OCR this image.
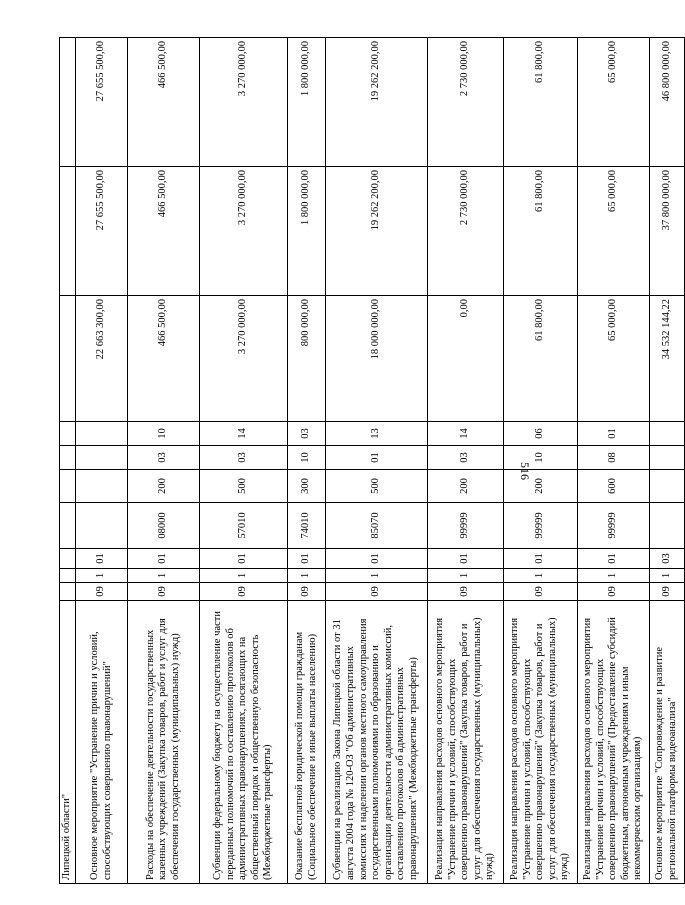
516
Липецкой области"										
Основное мероприятие "Устранение причин и условий, способствующих совершению правонарушений"	09	1	01					22 663 300,00	27 655 500,00	27 655 500,00
Расходы на обеспечение деятельности государственных казенных учреждений (Закупка товаров, работ и услуг для обеспечения государственных (муниципальных) нужд)	09	1	01	08000	200	03	10	466 500,00	466 500,00	466 500,00
Субвенции федеральному бюджету на осуществление части переданных полномочий по составлению протоколов об административных правонарушениях, посягающих на общественный порядок и общественную безопасность (Межбюджетные трансферты)	09	1	01	57010	500	03	14	3 270 000,00	3 270 000,00	3 270 000,00
Оказание бесплатной юридической помощи гражданам (Социальное обеспечение и иные выплаты населению)	09	1	01	74010	300	10	03	800 000,00	1 800 000,00	1 800 000,00
Субвенции на реализацию Закона Липецкой области от 31 августа 2004 года № 120-ОЗ "Об административных комиссиях и наделении органов местного самоуправления государственными полномочиями по образованию и организации деятельности административных комиссий, составлению протоколов об административных правонарушениях" (Межбюджетные трансферты)	09	1	01	85070	500	01	13	18 000 000,00	19 262 200,00	19 262 200,00
Реализация направления расходов основного мероприятия "Устранение причин и условий, способствующих совершению правонарушений" (Закупка товаров, работ и услуг для обеспечения государственных (муниципальных) нужд)	09	1	01	99999	200	03	14	0,00	2 730 000,00	2 730 000,00
Реализация направления расходов основного мероприятия "Устранение причин и условий, способствующих совершению правонарушений" (Закупка товаров, работ и услуг для обеспечения государственных (муниципальных) нужд)	09	1	01	99999	200	10	06	61 800,00	61 800,00	61 800,00
Реализация направления расходов основного мероприятия "Устранение причин и условий, способствующих совершению правонарушений" (Предоставление субсидий бюджетным, автономным учреждениям и иным некоммерческим организациям)	09	1	01	99999	600	08	01	65 000,00	65 000,00	65 000,00
Основное мероприятие "Сопровождение и развитие региональной платформы видеоанализа"	09	1	03					34 532 144,22	37 800 000,00	46 800 000,00
